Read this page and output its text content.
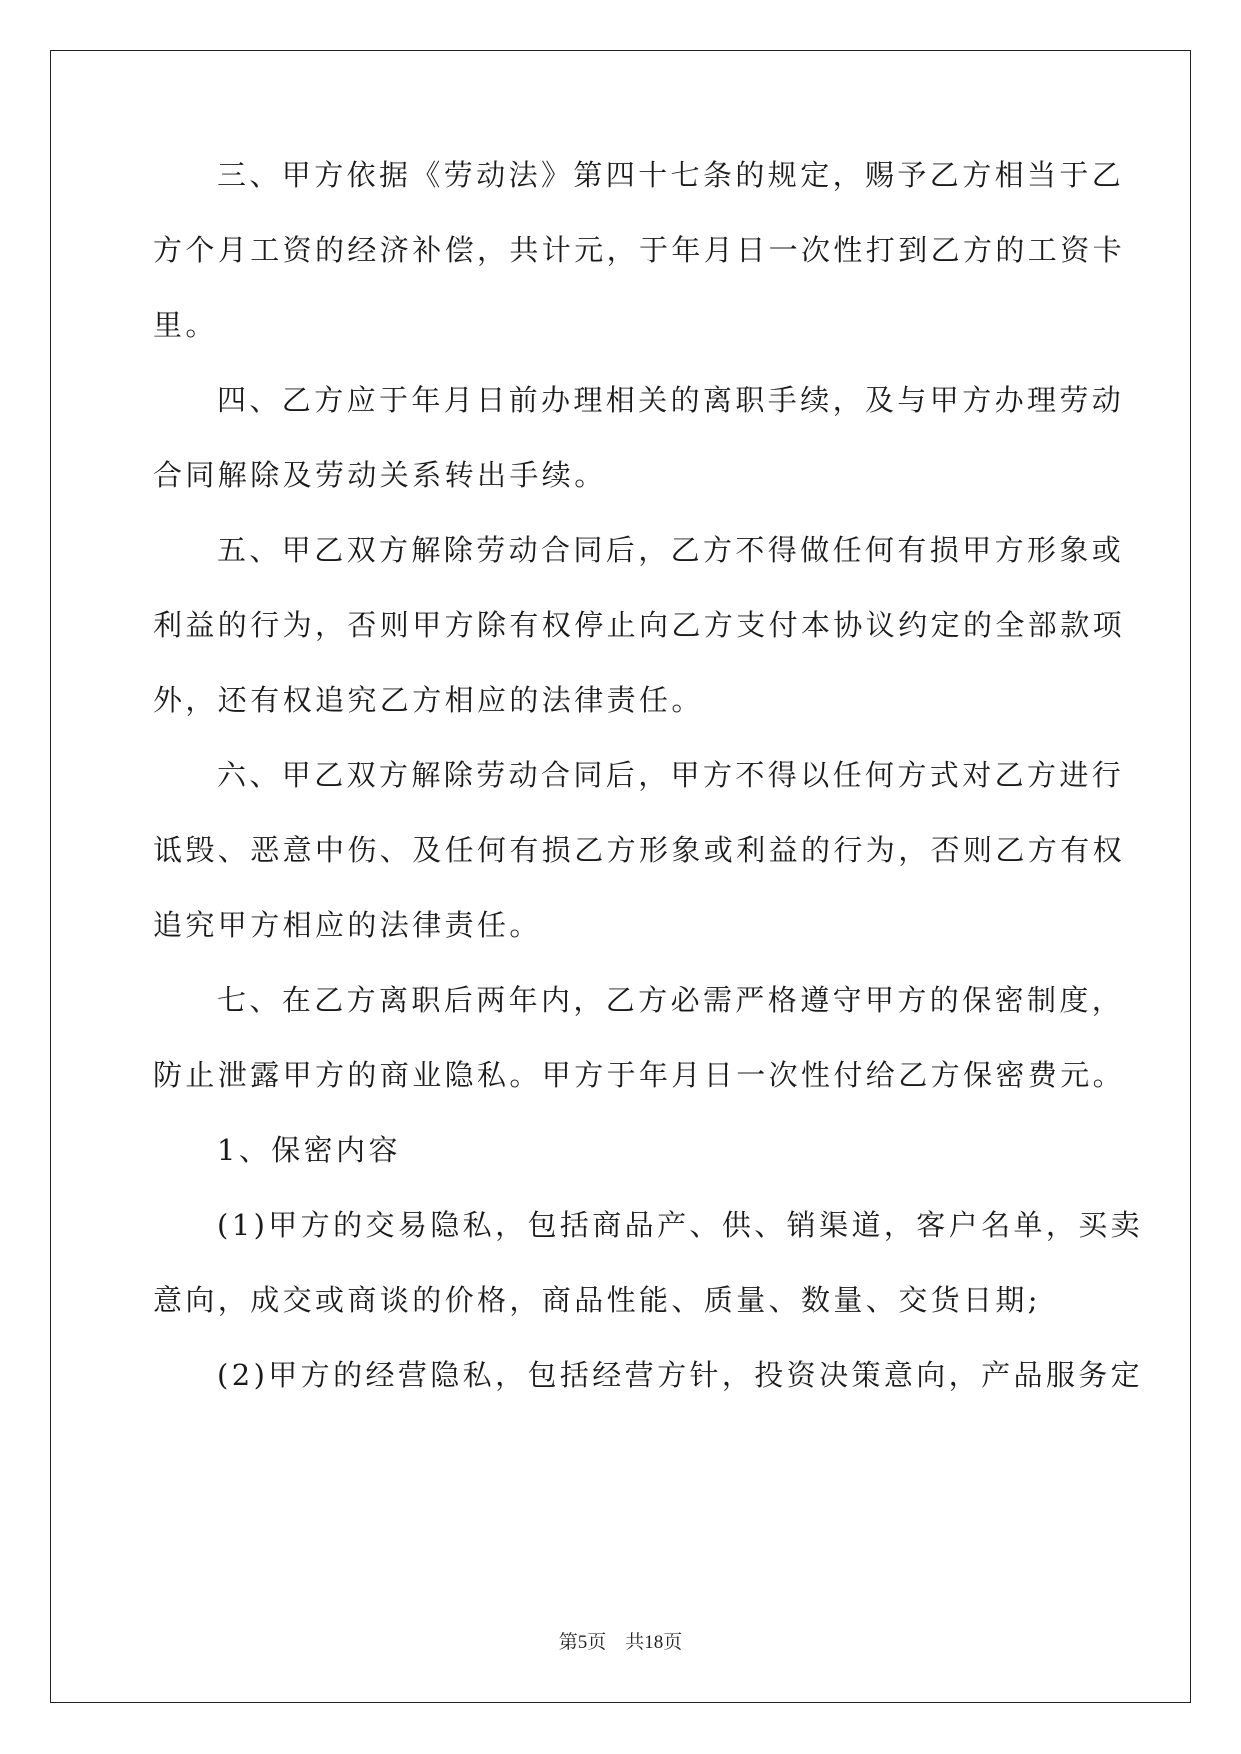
三、甲方依据《劳动法》第四十七条的规定，赐予乙方相当于乙
方个月工资的经济补偿，共计元，于年月日一次性打到乙方的工资卡
里。
四、乙方应于年月日前办理相关的离职手续，及与甲方办理劳动
合同解除及劳动关系转出手续。
五、甲乙双方解除劳动合同后，乙方不得做任何有损甲方形象或
利益的行为，否则甲方除有权停止向乙方支付本协议约定的全部款项
外，还有权追究乙方相应的法律责任。
六、甲乙双方解除劳动合同后，甲方不得以任何方式对乙方进行
诋毁、恶意中伤、及任何有损乙方形象或利益的行为，否则乙方有权
追究甲方相应的法律责任。
七、在乙方离职后两年内，乙方必需严格遵守甲方的保密制度，
防止泄露甲方的商业隐私。甲方于年月日一次性付给乙方保密费元。
1、保密内容
(1)甲方的交易隐私，包括商品产、供、销渠道，客户名单，买卖
意向，成交或商谈的价格，商品性能、质量、数量、交货日期;
(2)甲方的经营隐私，包括经营方针，投资决策意向，产品服务定
第5页 共18页
